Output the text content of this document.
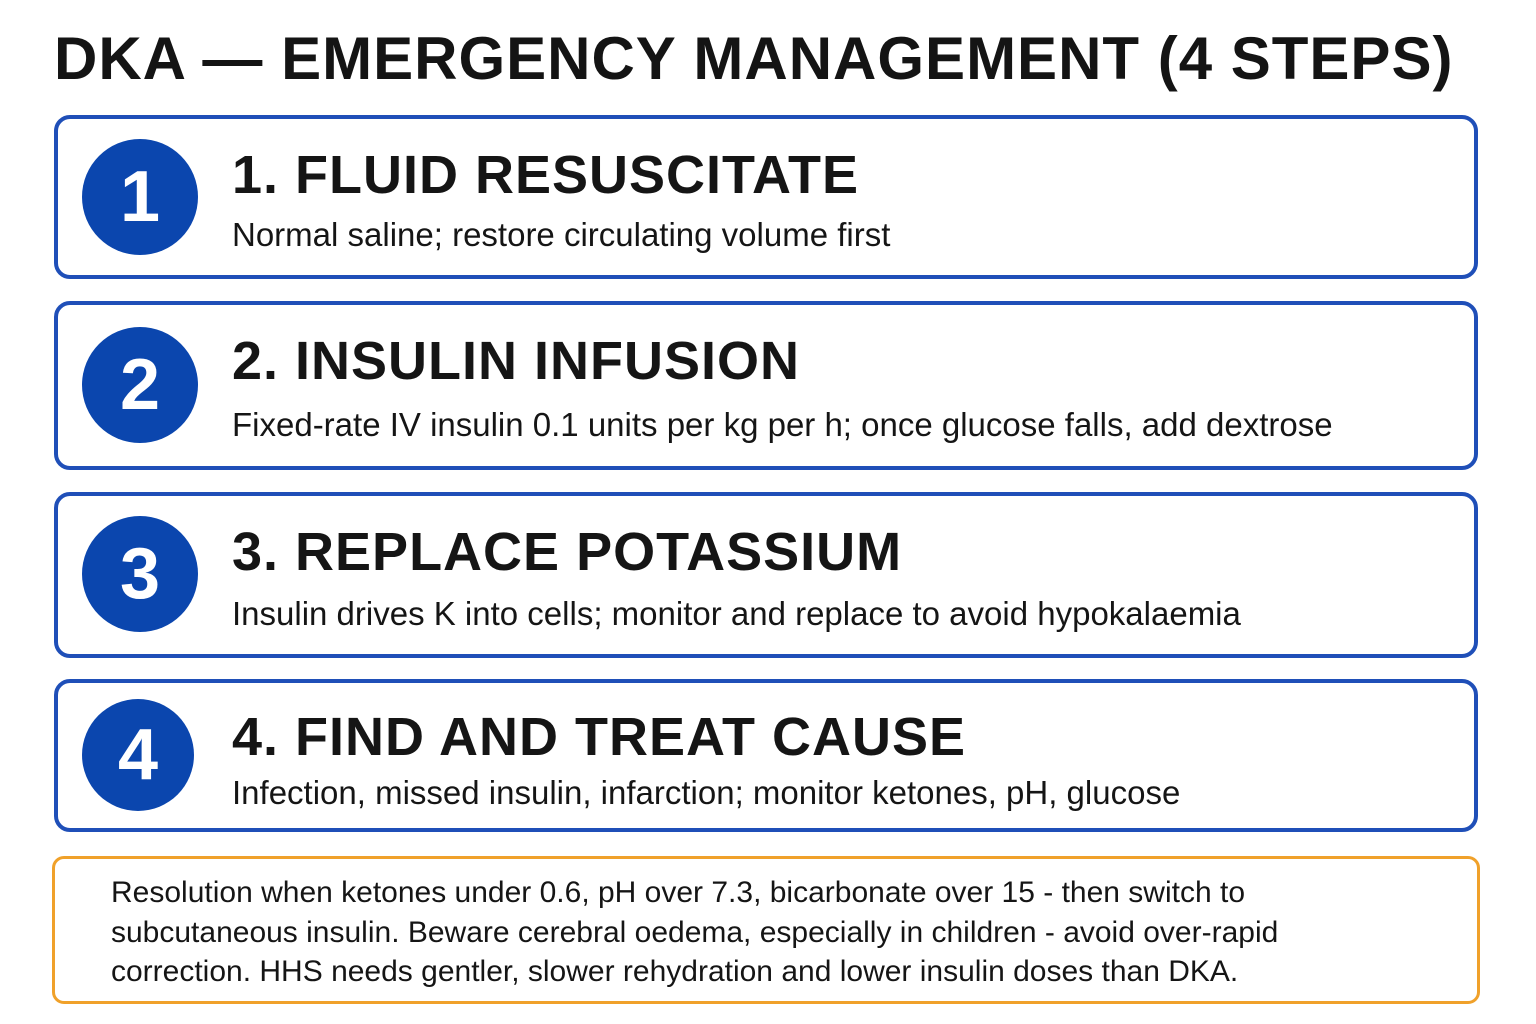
DKA — EMERGENCY MANAGEMENT (4 STEPS)
1	1. FLUID RESUSCITATE
Normal saline; restore circulating volume first
2	2. INSULIN INFUSION
Fixed-rate IV insulin 0.1 units per kg per h; once glucose falls, add dextrose
3	3. REPLACE POTASSIUM
Insulin drives K into cells; monitor and replace to avoid hypokalaemia
4	4. FIND AND TREAT CAUSE
Infection, missed insulin, infarction; monitor ketones, pH, glucose
Resolution when ketones under 0.6, pH over 7.3, bicarbonate over 15 - then switch to
subcutaneous insulin. Beware cerebral oedema, especially in children - avoid over-rapid
correction. HHS needs gentler, slower rehydration and lower insulin doses than DKA.
